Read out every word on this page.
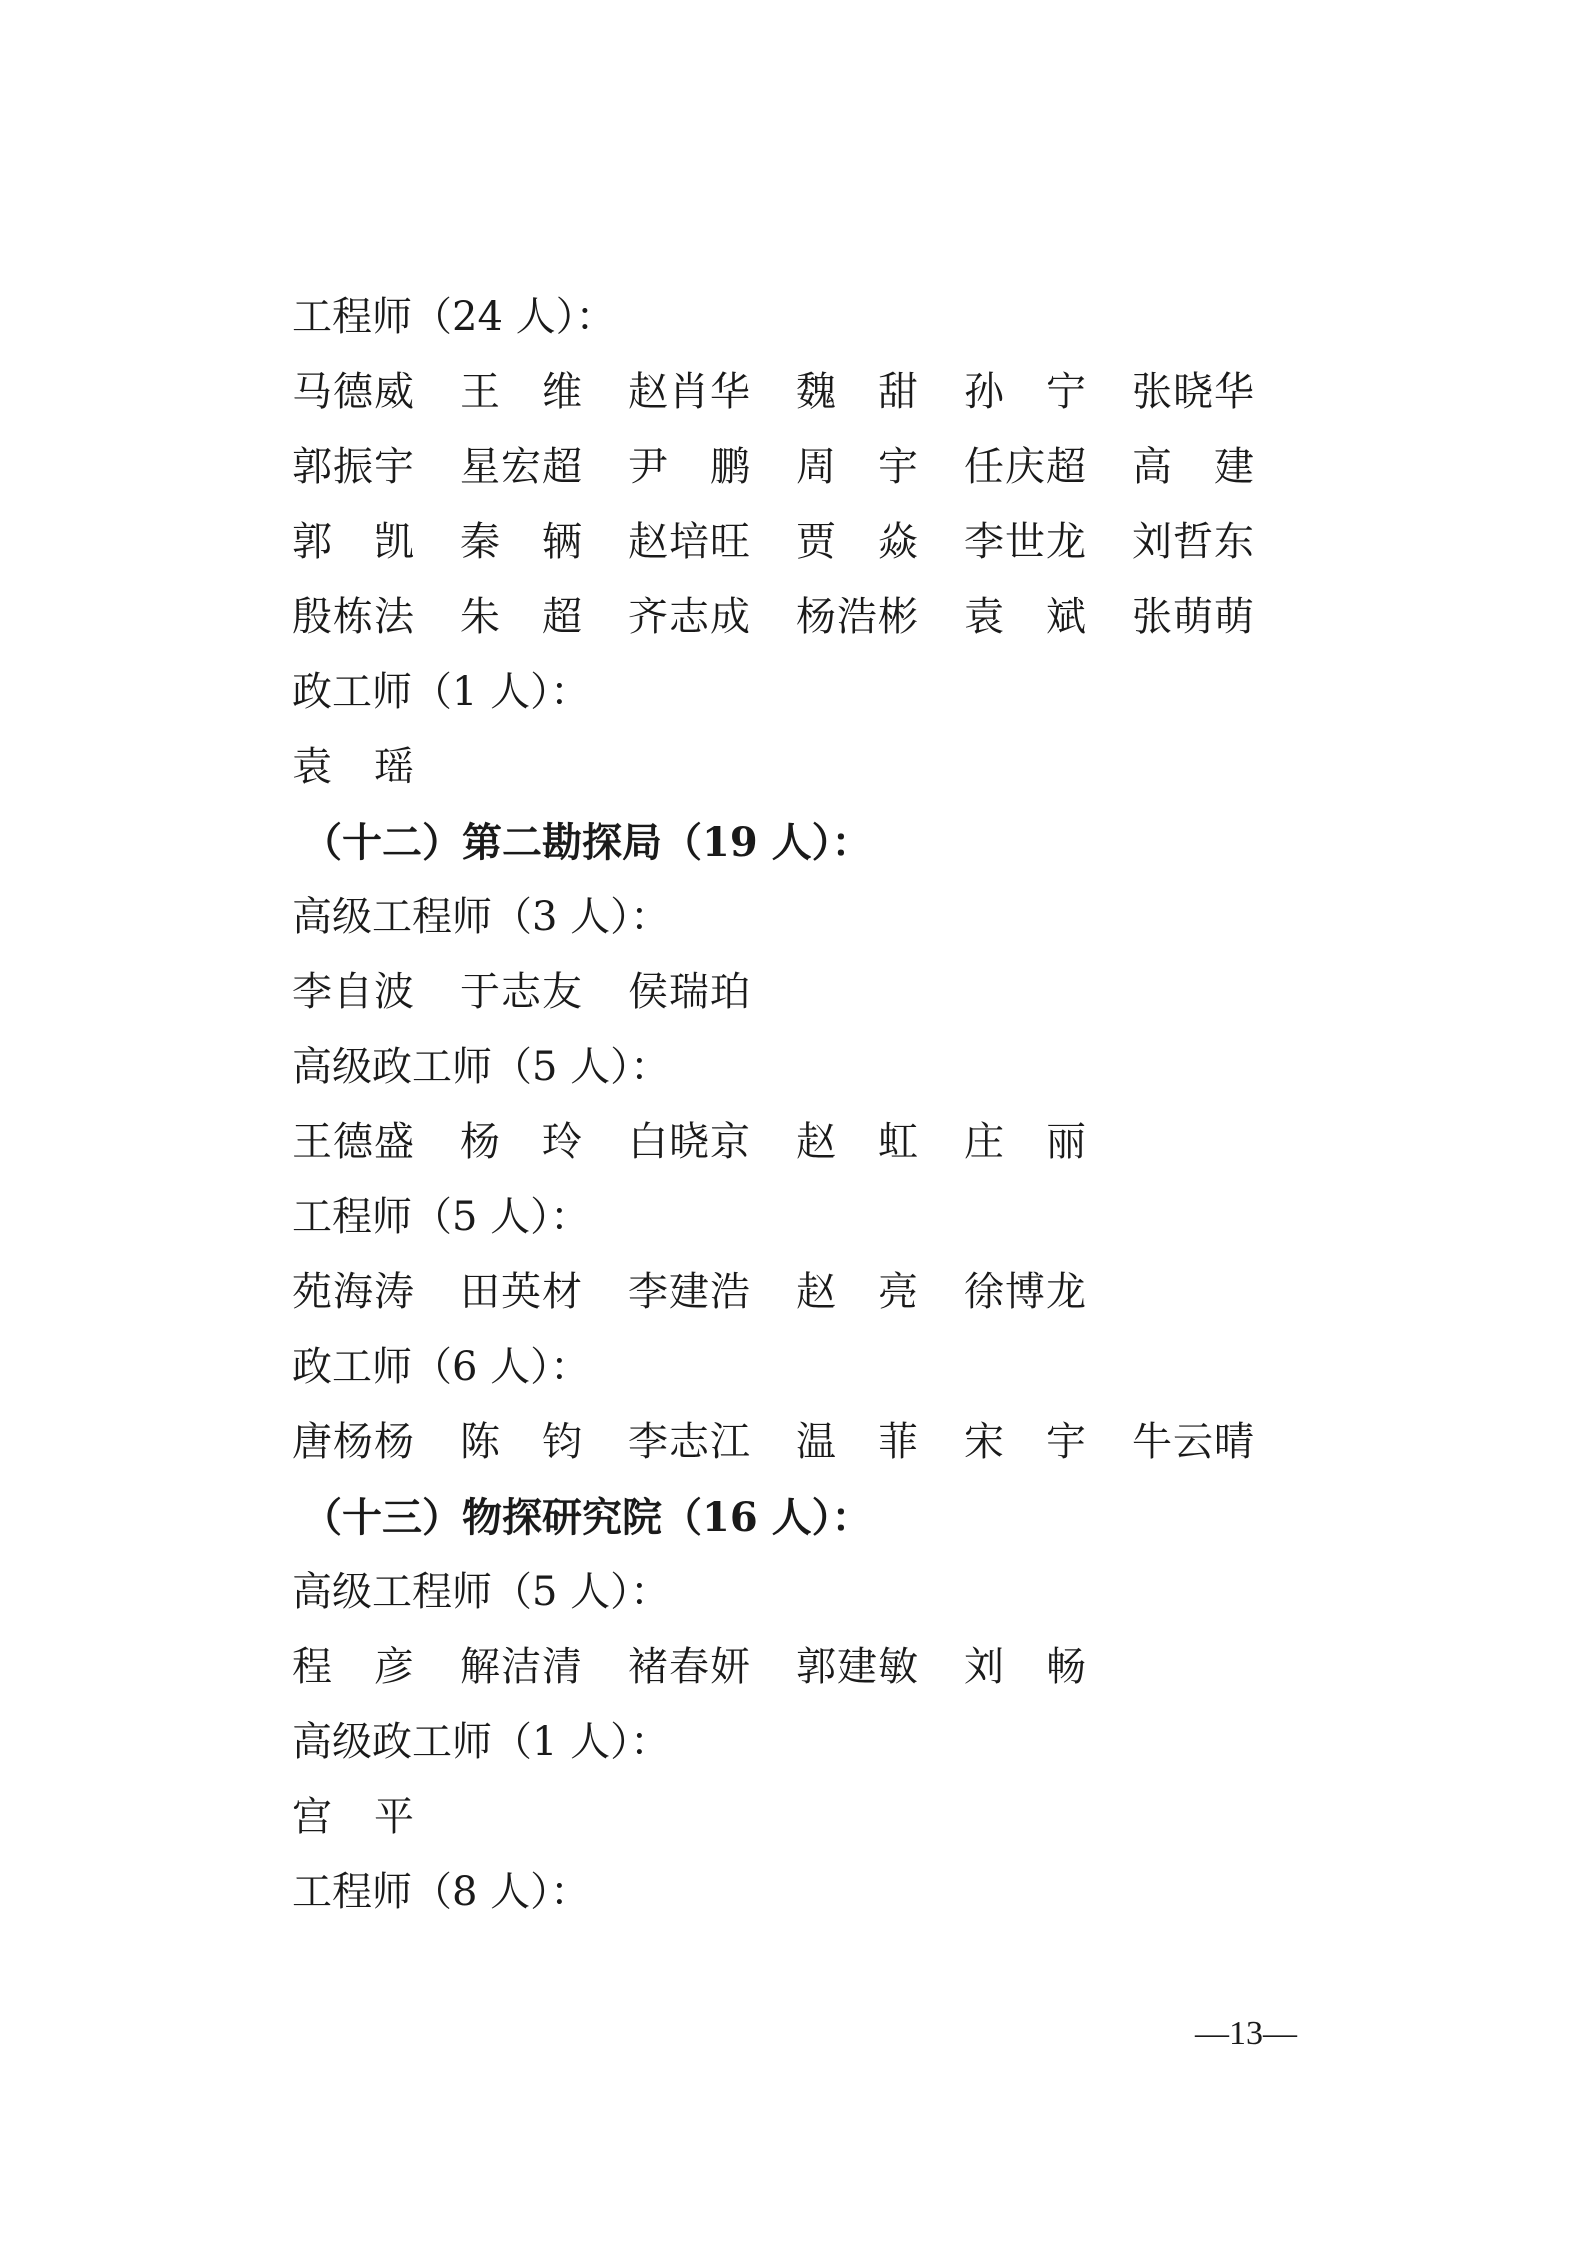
工程师（24 人）：
马德威	王　维	赵肖华	魏　甜	孙　宁	张晓华
郭振宇	星宏超	尹　鹏	周　宇	任庆超	高　建
郭　凯	秦　辆	赵培旺	贾　焱	李世龙	刘哲东
殷栋法	朱　超	齐志成	杨浩彬	袁　斌	张萌萌
政工师（1 人）：
袁　瑶
（十二）第二勘探局（19 人）：
高级工程师（3 人）：
李自波	于志友	侯瑞珀
高级政工师（5 人）：
王德盛	杨　玲	白晓京	赵　虹	庄　丽
工程师（5 人）：
苑海涛	田英材	李建浩	赵　亮	徐博龙
政工师（6 人）：
唐杨杨	陈　钧	李志江	温　菲	宋　宇	牛云晴
（十三）物探研究院（16 人）：
高级工程师（5 人）：
程　彦	解洁清	褚春妍	郭建敏	刘　畅
高级政工师（1 人）：
宫　平
工程师（8 人）：
—13—
